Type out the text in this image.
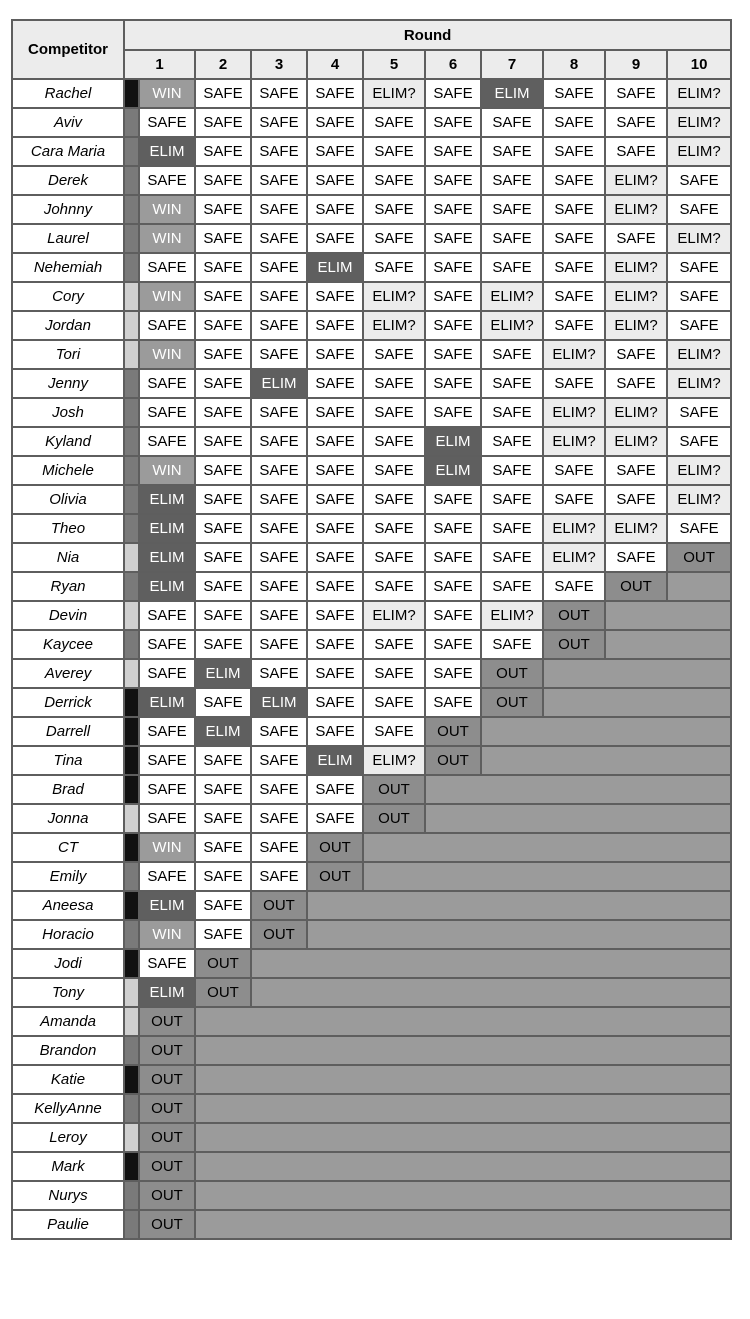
Competitor	Round										
	1		2	3	4	5	6	7	8	9	10
Rachel		WIN	SAFE	SAFE	SAFE	ELIM?	SAFE	ELIM	SAFE	SAFE	ELIM?
Aviv		SAFE	SAFE	SAFE	SAFE	SAFE	SAFE	SAFE	SAFE	SAFE	ELIM?
Cara Maria		ELIM	SAFE	SAFE	SAFE	SAFE	SAFE	SAFE	SAFE	SAFE	ELIM?
Derek		SAFE	SAFE	SAFE	SAFE	SAFE	SAFE	SAFE	SAFE	ELIM?	SAFE
Johnny		WIN	SAFE	SAFE	SAFE	SAFE	SAFE	SAFE	SAFE	ELIM?	SAFE
Laurel		WIN	SAFE	SAFE	SAFE	SAFE	SAFE	SAFE	SAFE	SAFE	ELIM?
Nehemiah		SAFE	SAFE	SAFE	ELIM	SAFE	SAFE	SAFE	SAFE	ELIM?	SAFE
Cory		WIN	SAFE	SAFE	SAFE	ELIM?	SAFE	ELIM?	SAFE	ELIM?	SAFE
Jordan		SAFE	SAFE	SAFE	SAFE	ELIM?	SAFE	ELIM?	SAFE	ELIM?	SAFE
Tori		WIN	SAFE	SAFE	SAFE	SAFE	SAFE	SAFE	ELIM?	SAFE	ELIM?
Jenny		SAFE	SAFE	ELIM	SAFE	SAFE	SAFE	SAFE	SAFE	SAFE	ELIM?
Josh		SAFE	SAFE	SAFE	SAFE	SAFE	SAFE	SAFE	ELIM?	ELIM?	SAFE
Kyland		SAFE	SAFE	SAFE	SAFE	SAFE	ELIM	SAFE	ELIM?	ELIM?	SAFE
Michele		WIN	SAFE	SAFE	SAFE	SAFE	ELIM	SAFE	SAFE	SAFE	ELIM?
Olivia		ELIM	SAFE	SAFE	SAFE	SAFE	SAFE	SAFE	SAFE	SAFE	ELIM?
Theo		ELIM	SAFE	SAFE	SAFE	SAFE	SAFE	SAFE	ELIM?	ELIM?	SAFE
Nia		ELIM	SAFE	SAFE	SAFE	SAFE	SAFE	SAFE	ELIM?	SAFE	OUT
Ryan		ELIM	SAFE	SAFE	SAFE	SAFE	SAFE	SAFE	SAFE	OUT	
Devin		SAFE	SAFE	SAFE	SAFE	ELIM?	SAFE	ELIM?	OUT		
Kaycee		SAFE	SAFE	SAFE	SAFE	SAFE	SAFE	SAFE	OUT		
Averey		SAFE	ELIM	SAFE	SAFE	SAFE	SAFE	OUT			
Derrick		ELIM	SAFE	ELIM	SAFE	SAFE	SAFE	OUT			
Darrell		SAFE	ELIM	SAFE	SAFE	SAFE	OUT				
Tina		SAFE	SAFE	SAFE	ELIM	ELIM?	OUT				
Brad		SAFE	SAFE	SAFE	SAFE	OUT					
Jonna		SAFE	SAFE	SAFE	SAFE	OUT					
CT		WIN	SAFE	SAFE	OUT						
Emily		SAFE	SAFE	SAFE	OUT						
Aneesa		ELIM	SAFE	OUT							
Horacio		WIN	SAFE	OUT							
Jodi		SAFE	OUT								
Tony		ELIM	OUT								
Amanda		OUT									
Brandon		OUT									
Katie		OUT									
KellyAnne		OUT									
Leroy		OUT									
Mark		OUT									
Nurys		OUT									
Paulie		OUT									
